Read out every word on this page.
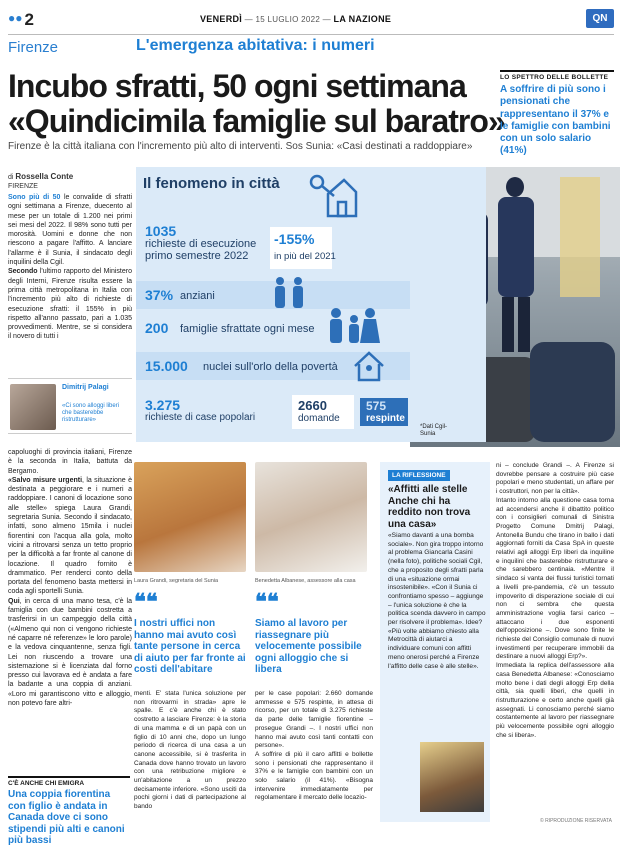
●● 2	VENERDÌ — 15 LUGLIO 2022 — LA NAZIONE	QN
Firenze	L'emergenza abitativa: i numeri
Incubo sfratti, 50 ogni settimana
«Quindicimila famiglie sul baratro»
Firenze è la città italiana con l'incremento più alto di interventi. Sos Sunia: «Casi destinati a raddoppiare»
LO SPETTRO DELLE BOLLETTE
A soffrire di più sono i pensionati che rappresentano il 37% e le famiglie con bambini con un solo salario (41%)
di Rossella Conte
FIRENZE

Sono più di 50 le convalide di sfratti ogni settimana a Firenze, duecento al mese per un totale di 1.200 nei primi sei mesi del 2022. Il 98% sono tutti per morosità. Uomini e donne che non riescono a pagare l'affitto. A lanciare l'allarme è il Sunia, il sindacato degli inquilini della Cgil.

Secondo l'ultimo rapporto del Ministero degli Interni, Firenze risulta essere la prima città metropolitana in Italia con l'incremento più alto di richieste di esecuzione sfratti: il 155% in più rispetto all'anno passato, pari a 1.035 provvedimenti. Mentre, se si considera il novero di tutti i

Dimitrij Palagi
«Ci sono alloggi liberi che basterebbe ristrutturare»
Il fenomeno in città
1035
richieste di esecuzione primo semestre 2022
-155%
in più del 2021
37% anziani
200 famiglie sfrattate ogni mese
15.000 nuclei sull'orlo della povertà
3.275
richieste di case popolari
2660
domande
575
respinte
*Dati Cgil-Sunia

capoluoghi di provincia italiani, Firenze è la seconda in Italia, battuta da Bergamo.

«Salvo misure urgenti, la situazione è destinata a peggiorare e i numeri a raddoppiare. I canoni di locazione sono alle stelle» spiega Laura Grandi, segretaria Sunia. Secondo il sindacato, infatti, sono almeno 15mila i nuclei fiorentini con l'acqua alla gola, molto vicini a ritrovarsi senza un tetto proprio per la difficoltà a far fronte al canone di locazione. Il quadro fornito è drammatico. Per renderci conto della portata del fenomeno basta mettersi in coda agli sportelli Sunia.

Qui, in cerca di una mano tesa, c'è la famiglia con due bambini costretta a trasferirsi in un campeggio della città («Almeno qui non ci vengono richieste né caparre né referenze» le loro parole) e la vedova cinquantenne, senza figli. Lei non riuscendo a trovare una sistemazione si è licenziata dal forno presso cui lavorava ed è andata a fare la badante a una coppia di anziani. «Loro mi garantiscono vitto e alloggio, non potevo fare altri-

C'È ANCHE CHI EMIGRA
Una coppia fiorentina con figlio è andata in Canada dove ci sono stipendi più alti e canoni più bassi
Laura Grandi, segretaria del Sunia	Benedetta Albanese, assessore alla casa
❝❝
I nostri uffici non hanno mai avuto così tante persone in cerca di aiuto per far fronte ai costi dell'abitare
❝❝
Siamo al lavoro per riassegnare più velocemente possibile ogni alloggio che si libera
menti. E' stata l'unica soluzione per non ritrovarmi in strada» apre le spalle. E c'è anche chi è stato costretto a lasciare Firenze: è la storia di una mamma e di un papà con un figlio di 10 anni che, dopo un lungo periodo di ricerca di una casa a un canone accessibile, si è trasferita in Canada dove hanno trovato un lavoro con una retribuzione migliore e un'abitazione a un prezzo decisamente inferiore. «Sono usciti da pochi giorni i dati di partecipazione al bando
per le case popolari: 2.660 domande ammesse e 575 respinte, in attesa di ricorso, per un totale di 3.275 richieste da parte delle famiglie fiorentine – prosegue Grandi –. I nostri uffici non hanno mai avuto così tanti contatti con persone».
A soffrire di più il caro affitti e bollette sono i pensionati che rappresentano il 37% e le famiglie con bambini con un solo salario (il 41%). «Bisogna intervenire immediatamente per regolamentare il mercato delle locazio-
LA RIFLESSIONE
«Affitti alle stelle Anche chi ha reddito non trova una casa»
«Siamo davanti a una bomba sociale». Non gira troppo intorno al problema Giancarla Casini (nella foto), politiche sociali Cgil, che a proposito degli sfratti parla di una «situazione ormai insostenibile». «Con il Sunia ci confrontiamo spesso – aggiunge – l'unica soluzione è che la politica scenda davvero in campo per risolvere il problema». Idee? «Più volte abbiamo chiesto alla Metrocittà di aiutarci a individuare comuni con affitti meno onerosi perché a Firenze l'affitto delle case è alle stelle».
ni – conclude Grandi –. A Firenze si dovrebbe pensare a costruire più case popolari e meno studentati, un affare per i costruttori, non per la città».
Intanto intorno alla questione casa torna ad accendersi anche il dibattito politico con i consiglieri comunali di Sinistra Progetto Comune Dmitrij Palagi, Antonella Bundu che tirano in ballo i dati aggiornati forniti da Casa SpA in queste relativi agli alloggi Erp liberi da inquiline e inquilini che basterebbe ristrutturare e che sarebbero centinaia. «Mentre il sindaco si vanta dei flussi turistici tornati a livelli pre-pandemia, c'è un tessuto impoverito di disperazione sociale di cui non ci sembra che questa amministrazione voglia farsi carico – attaccano i due esponenti dell'opposizione –. Dove sono finite le richieste del Consiglio comunale di nuovi investimenti per recuperare immobili da destinare a nuovi alloggi Erp?».
Immediata la replica dell'assessore alla casa Benedetta Albanese: «Conosciamo molto bene i dati degli alloggi Erp della città, sia quelli liberi, che quelli in ristrutturazione e certo anche quelli già assegnati. Li conosciamo perché siamo costantemente al lavoro per riassegnare più velocemente possibile ogni alloggio che si libera».
© RIPRODUZIONE RISERVATA
